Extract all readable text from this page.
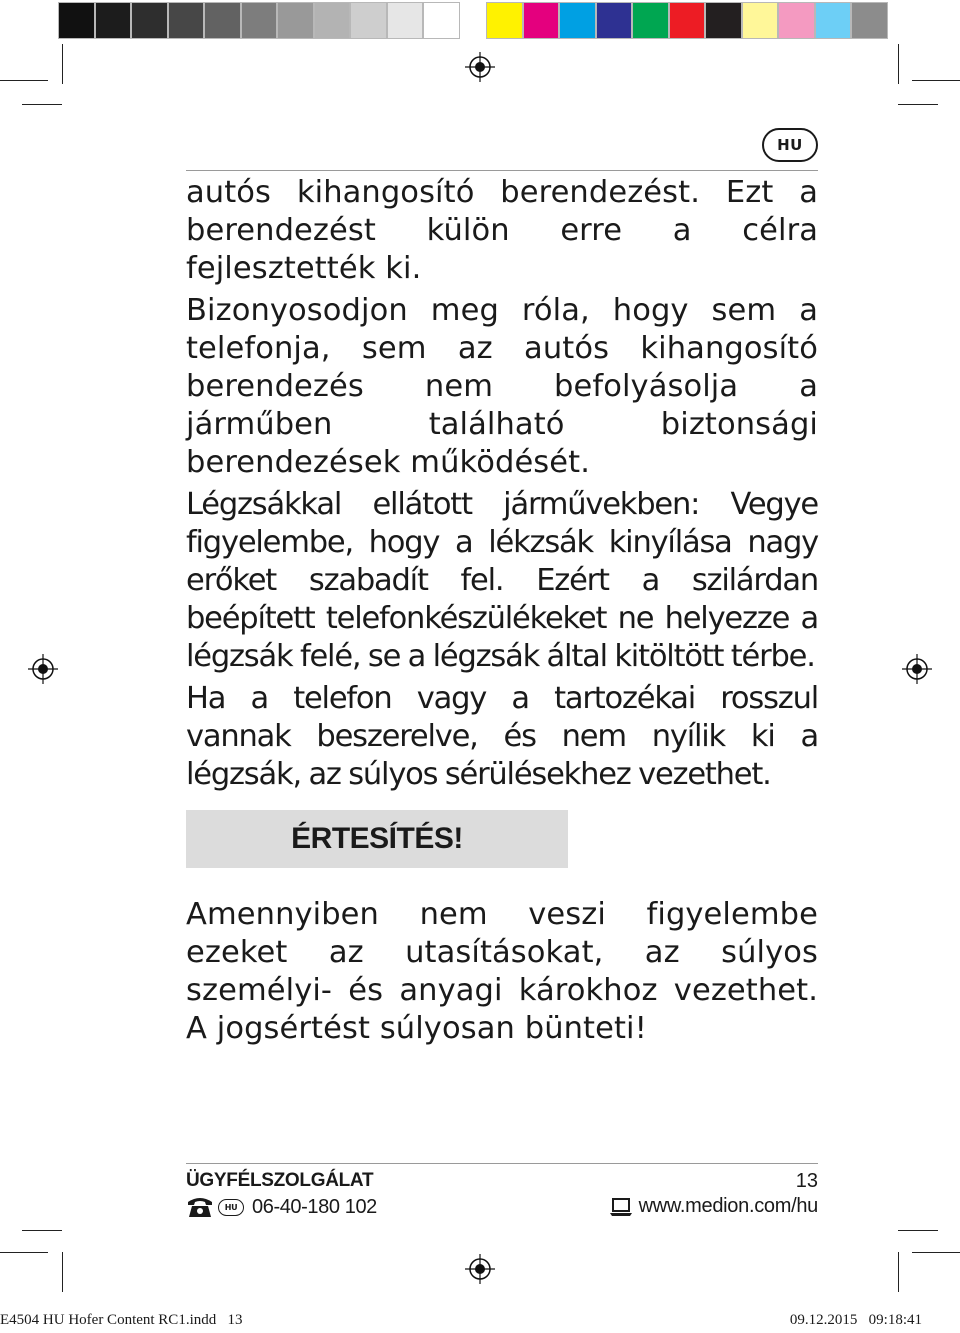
HU

autós kihangosító berendezést. Ezt a berendezést külön erre a célra fejlesztették ki.

Bizonyosodjon meg róla, hogy sem a telefonja, sem az autós kihangosító berendezés nem befolyásolja a járműben található biztonsági berendezések működését.

Légzsákkal ellátott járművekben: Vegye figyelembe, hogy a lékzsák kinyílása nagy erőket szabadít fel. Ezért a szilárdan beépített telefonkészülékeket ne helyezze a légzsák felé, se a légzsák által kitöltött térbe.

Ha a telefon vagy a tartozékai rosszul vannak beszerelve, és nem nyílik ki a légzsák, az súlyos sérülésekhez vezethet.

ÉRTESÍTÉS!

Amennyiben nem veszi figyelembe ezeket az utasításokat, az súlyos személyi- és anyagi károkhoz vezethet. A jogsértést súlyosan bünteti!

ÜGYFÉLSZOLGÁLAT	13
HU 06-40-180 102	www.medion.com/hu
E4504 HU Hofer Content RC1.indd   13	09.12.2015   09:18:41
